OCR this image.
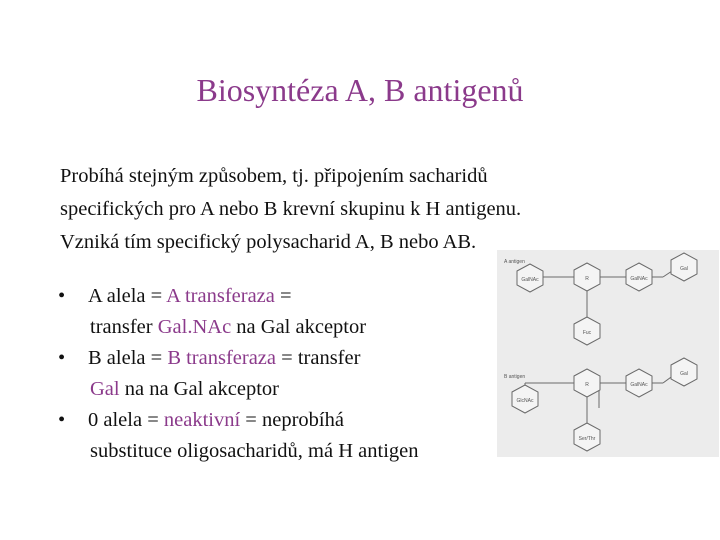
Biosyntéza A, B antigenů
Probíhá stejným způsobem, tj. připojením sacharidů
specifických pro A nebo B krevní skupinu k H antigenu.
Vzniká tím specifický polysacharid A, B nebo AB.
• A alela = A transferaza =
transfer Gal.NAc na Gal akceptor
• B alela = B transferaza = transfer
Gal na na Gal akceptor
• 0 alela = neaktivní = neprobíhá
substituce oligosacharidů, má H antigen
A antigen
B antigen
GalNAc	R	GalNAc
Gal
Fuc
GlcNAc
R	GalNAc
Gal
Ser/Thr
